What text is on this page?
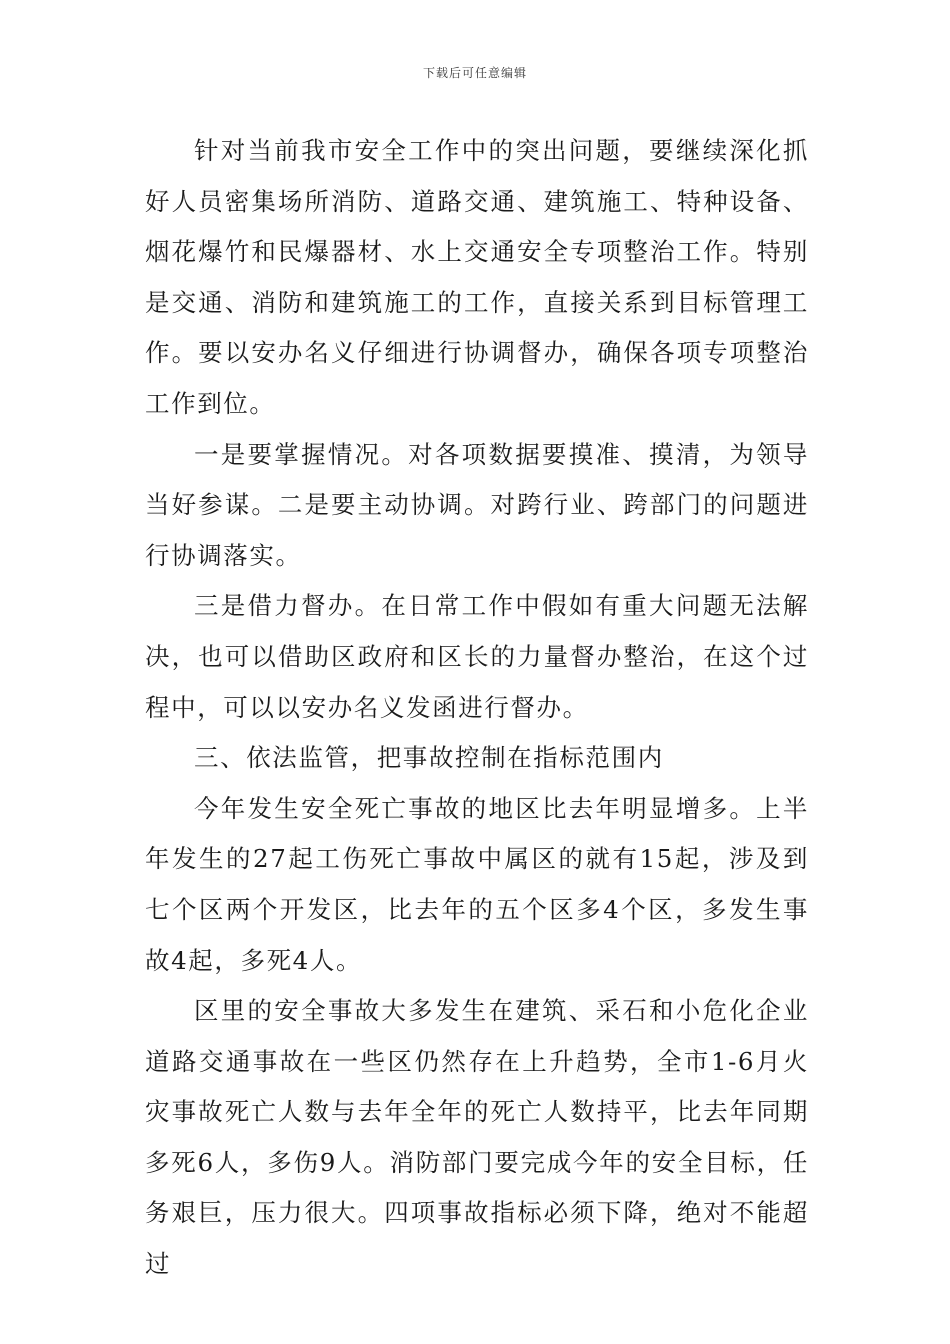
下载后可任意编辑

针对当前我市安全工作中的突出问题，要继续深化抓好人员密集场所消防、道路交通、建筑施工、特种设备、烟花爆竹和民爆器材、水上交通安全专项整治工作。特别是交通、消防和建筑施工的工作，直接关系到目标管理工作。要以安办名义仔细进行协调督办，确保各项专项整治工作到位。

一是要掌握情况。对各项数据要摸准、摸清，为领导当好参谋。二是要主动协调。对跨行业、跨部门的问题进行协调落实。

三是借力督办。在日常工作中假如有重大问题无法解决，也可以借助区政府和区长的力量督办整治，在这个过程中，可以以安办名义发函进行督办。

三、依法监管，把事故控制在指标范围内

今年发生安全死亡事故的地区比去年明显增多。上半年发生的27起工伤死亡事故中属区的就有15起，涉及到七个区两个开发区，比去年的五个区多4个区，多发生事故4起，多死4人。

区里的安全事故大多发生在建筑、采石和小危化企业道路交通事故在一些区仍然存在上升趋势，全市1-6月火灾事故死亡人数与去年全年的死亡人数持平，比去年同期多死6人，多伤9人。消防部门要完成今年的安全目标，任务艰巨，压力很大。四项事故指标必须下降，绝对不能超过
